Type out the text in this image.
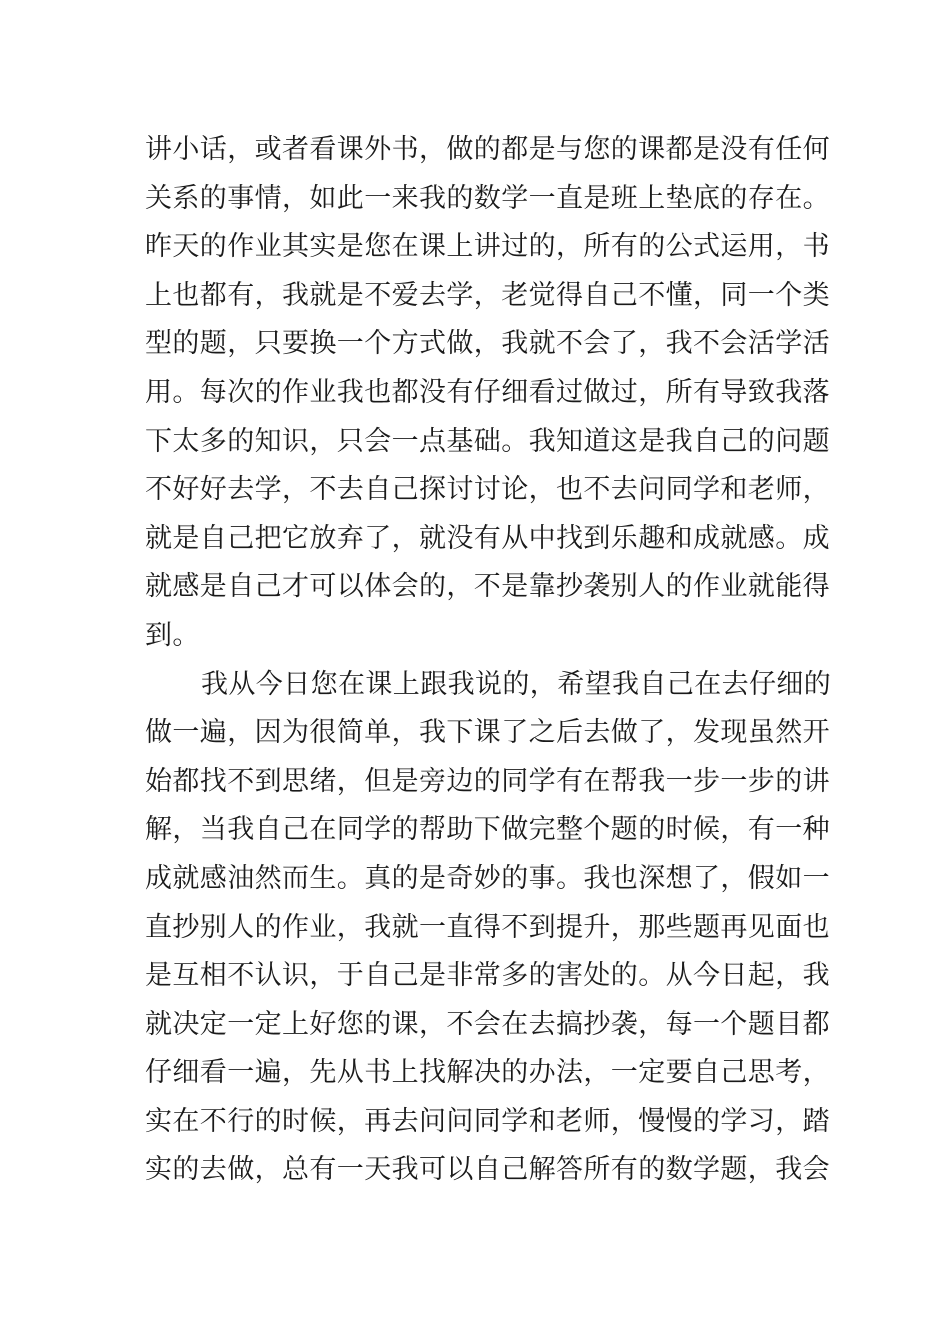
讲小话，或者看课外书，做的都是与您的课都是没有任何
关系的事情，如此一来我的数学一直是班上垫底的存在。
昨天的作业其实是您在课上讲过的，所有的公式运用，书
上也都有，我就是不爱去学，老觉得自己不懂，同一个类
型的题，只要换一个方式做，我就不会了，我不会活学活
用。每次的作业我也都没有仔细看过做过，所有导致我落
下太多的知识，只会一点基础。我知道这是我自己的问题
不好好去学，不去自己探讨讨论，也不去问同学和老师，
就是自己把它放弃了，就没有从中找到乐趣和成就感。成
就感是自己才可以体会的，不是靠抄袭别人的作业就能得
到。
我从今日您在课上跟我说的，希望我自己在去仔细的
做一遍，因为很简单，我下课了之后去做了，发现虽然开
始都找不到思绪，但是旁边的同学有在帮我一步一步的讲
解，当我自己在同学的帮助下做完整个题的时候，有一种
成就感油然而生。真的是奇妙的事。我也深想了，假如一
直抄别人的作业，我就一直得不到提升，那些题再见面也
是互相不认识，于自己是非常多的害处的。从今日起，我
就决定一定上好您的课，不会在去搞抄袭，每一个题目都
仔细看一遍，先从书上找解决的办法，一定要自己思考，
实在不行的时候，再去问问同学和老师，慢慢的学习，踏
实的去做，总有一天我可以自己解答所有的数学题，我会
